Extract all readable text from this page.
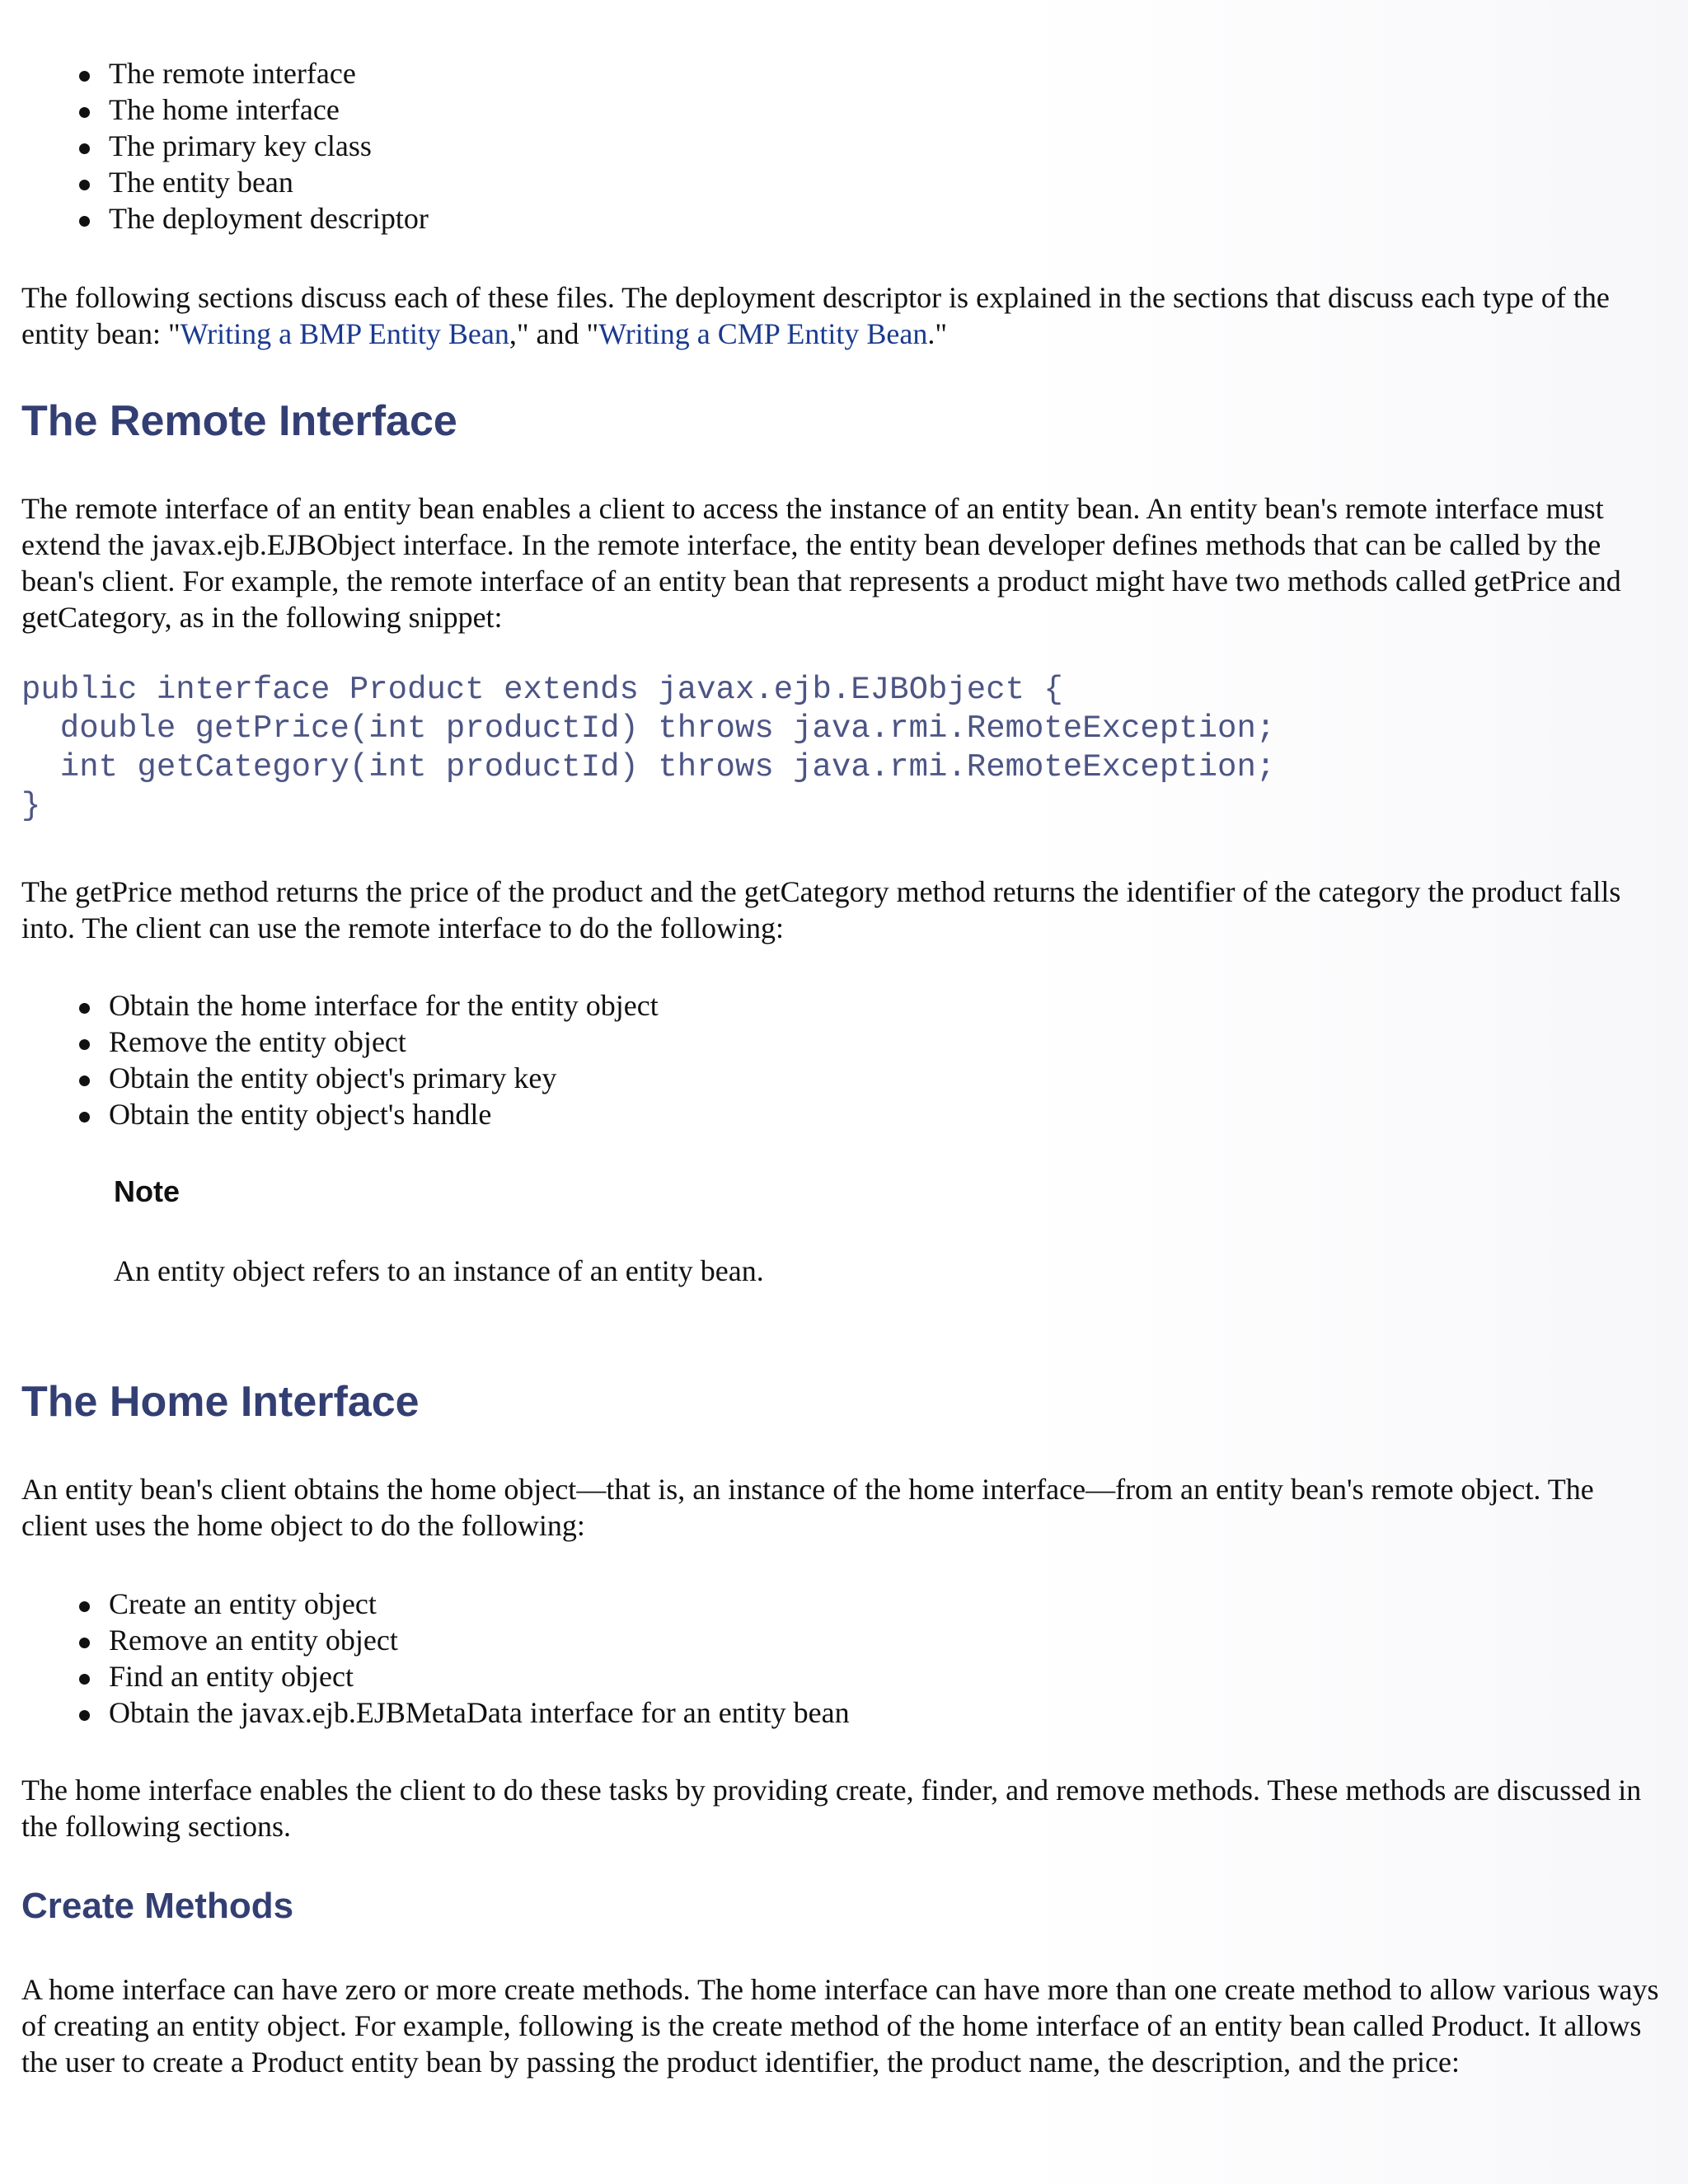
The remote interface
The home interface
The primary key class
The entity bean
The deployment descriptor

The following sections discuss each of these files. The deployment descriptor is explained in the sections that discuss each type of the entity bean: "Writing a BMP Entity Bean," and "Writing a CMP Entity Bean."

The Remote Interface

The remote interface of an entity bean enables a client to access the instance of an entity bean. An entity bean's remote interface must extend the javax.ejb.EJBObject interface. In the remote interface, the entity bean developer defines methods that can be called by the bean's client. For example, the remote interface of an entity bean that represents a product might have two methods called getPrice and getCategory, as in the following snippet:

public interface Product extends javax.ejb.EJBObject {
double getPrice(int productId) throws java.rmi.RemoteException;
int getCategory(int productId) throws java.rmi.RemoteException;
}

The getPrice method returns the price of the product and the getCategory method returns the identifier of the category the product falls into. The client can use the remote interface to do the following:

Obtain the home interface for the entity object
Remove the entity object
Obtain the entity object's primary key
Obtain the entity object's handle
Note
An entity object refers to an instance of an entity bean.
The Home Interface

An entity bean's client obtains the home object—that is, an instance of the home interface—from an entity bean's remote object. The client uses the home object to do the following:

Create an entity object
Remove an entity object
Find an entity object
Obtain the javax.ejb.EJBMetaData interface for an entity bean

The home interface enables the client to do these tasks by providing create, finder, and remove methods. These methods are discussed in the following sections.

Create Methods

A home interface can have zero or more create methods. The home interface can have more than one create method to allow various ways of creating an entity object. For example, following is the create method of the home interface of an entity bean called Product. It allows the user to create a Product entity bean by passing the product identifier, the product name, the description, and the price:
